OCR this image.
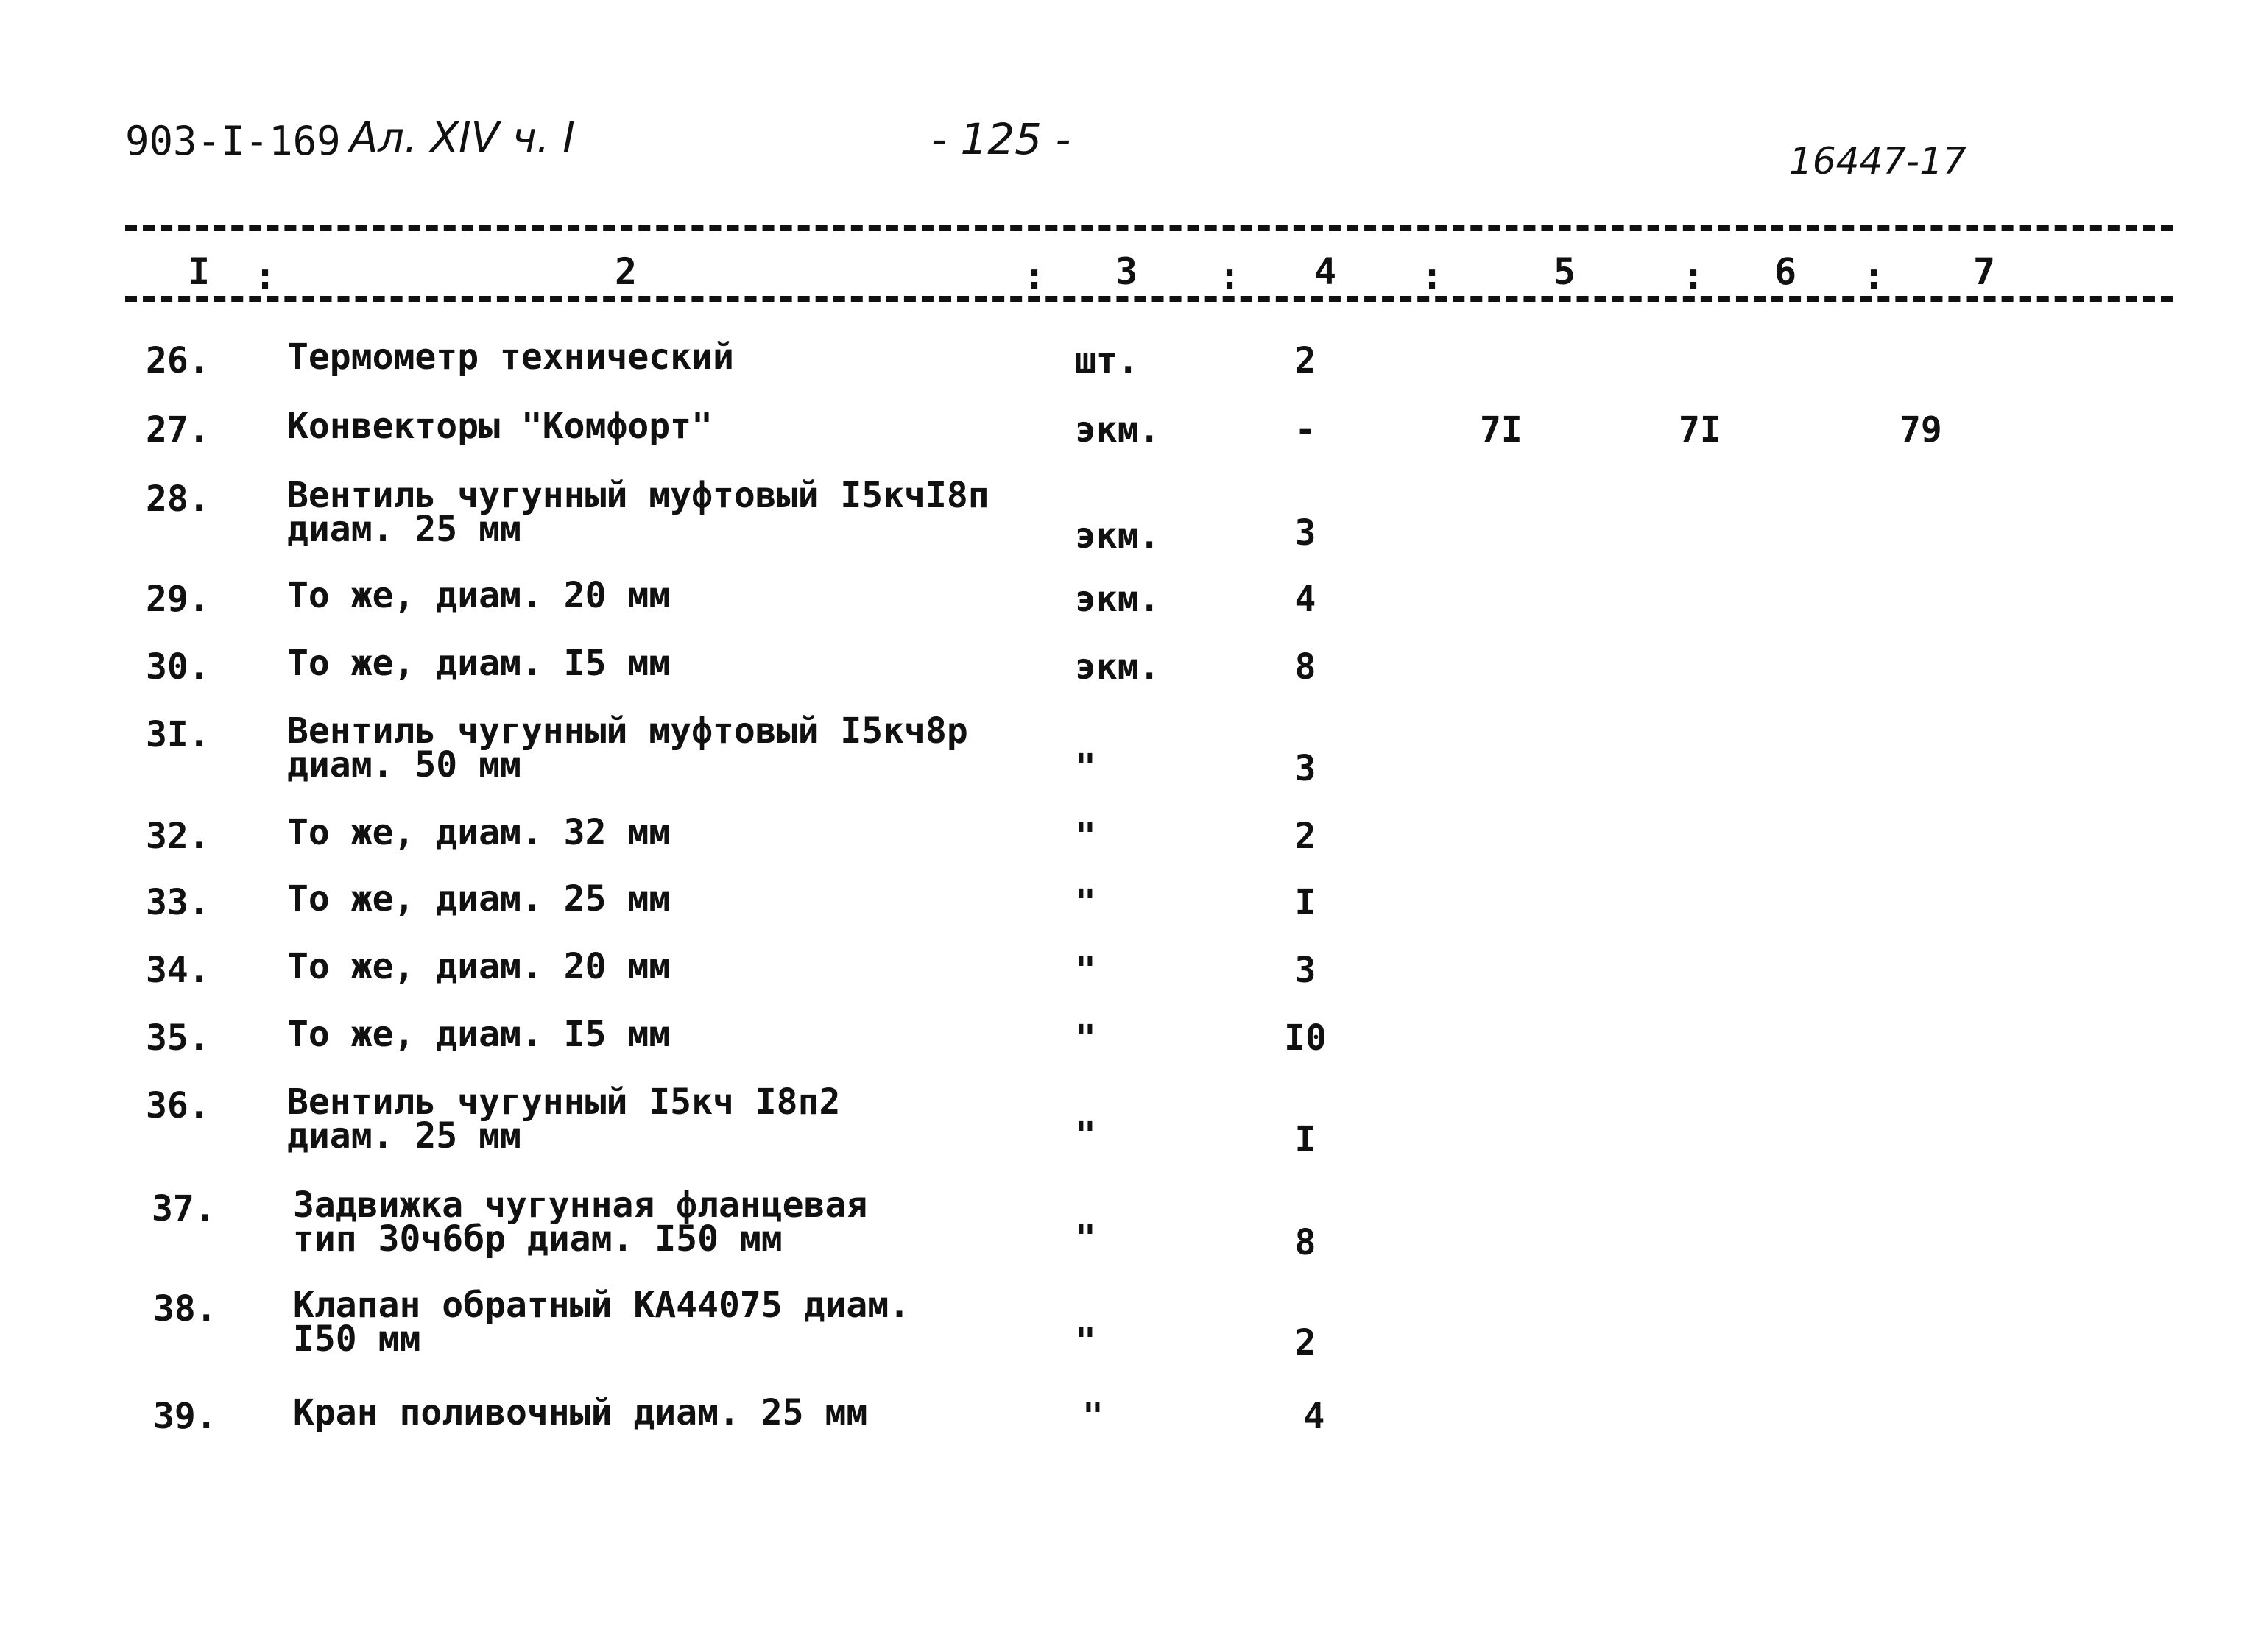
903-I-169 Ал. XIV ч. I	- 125 -	16447-17
I :	2	: 3 : 4 :	5	: 6 : 7
26. Термометр технический	шт.	2
27. Конвекторы "Комфорт"	экм.	-	7I	7I	79
28. Вентиль чугунный муфтовый I5кчI8п
диам. 25 мм	экм.	3
29. То же, диам. 20 мм	экм.	4
30. То же, диам. I5 мм	экм.	8
3I. Вентиль чугунный муфтовый I5кч8р
диам. 50 мм	"	3
32. То же, диам. 32 мм	"	2
33. То же, диам. 25 мм	"	I
34. То же, диам. 20 мм	"	3
35. То же, диам. I5 мм	"	I0
36. Вентиль чугунный I5кч I8п2
диам. 25 мм	"	I
37. Задвижка чугунная фланцевая
тип 30ч6бр диам. I50 мм	"	8
38. Клапан обратный КА44075 диам.
I50 мм	"	2
39. Кран поливочный диам. 25 мм	"	4
